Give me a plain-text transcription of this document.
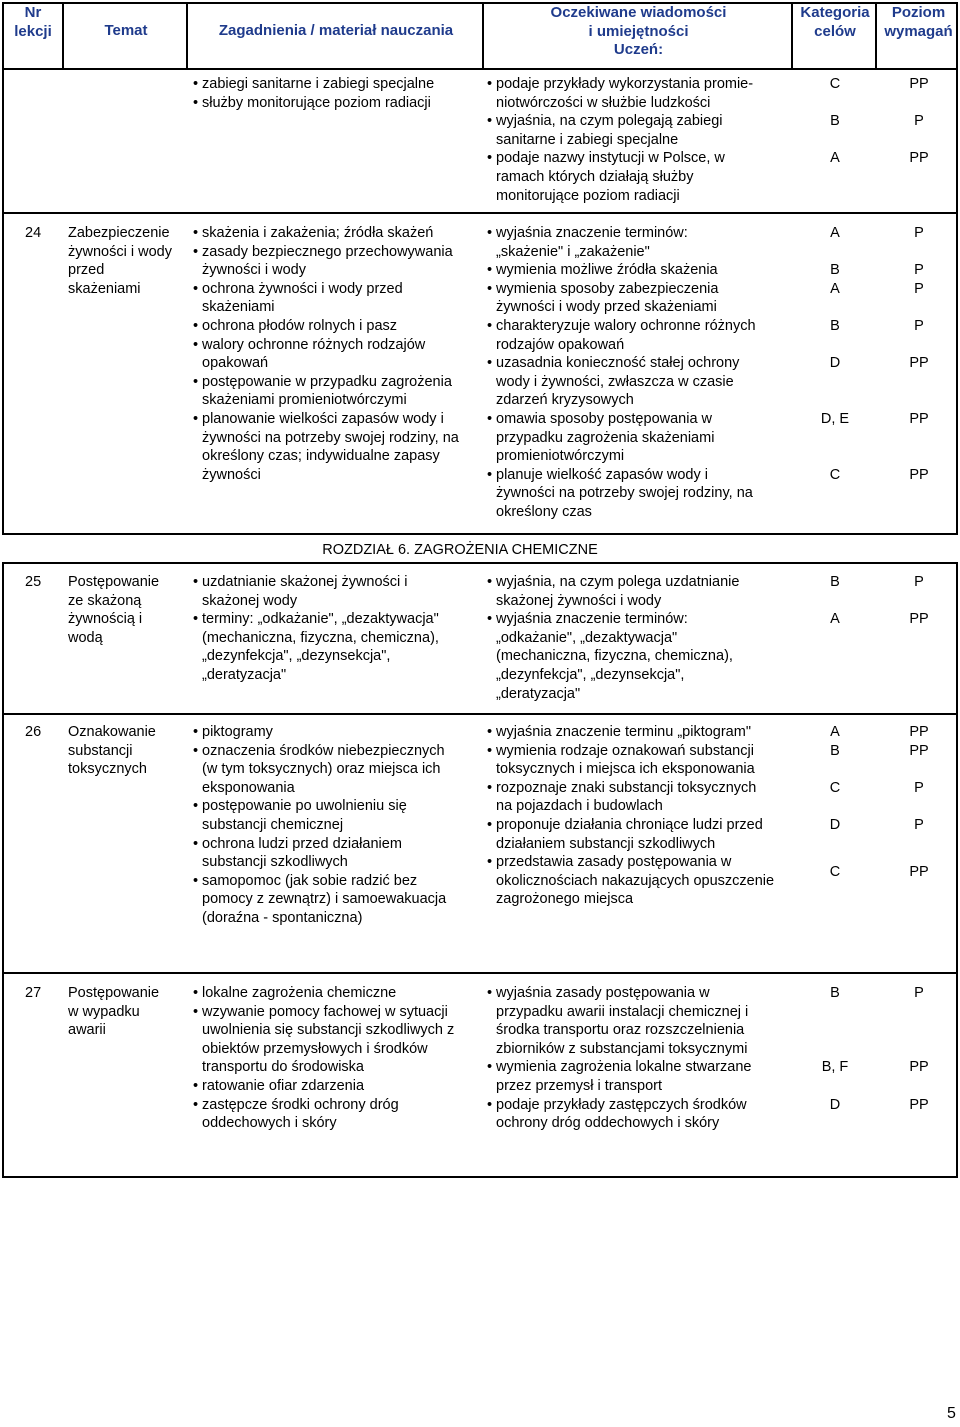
Nr
lekcji	Temat	Zagadnienia / materiał nauczania
Oczekiwane wiadomości
i umiejętności
Uczeń:
Kategoria
celów
Poziom
wymagań
• zabiegi sanitarne i zabiegi specjalne
• służby monitorujące poziom radiacji
• podaje przykłady wykorzystania promie-
niotwórczości w służbie ludzkości
• wyjaśnia, na czym polegają zabiegi
sanitarne i zabiegi specjalne
• podaje nazwy instytucji w Polsce, w
ramach których działają służby
monitorujące poziom radiacji
C
B
A
PP
P
PP
24 Zabezpieczenie
żywności i wody
przed
skażeniami
• skażenia i zakażenia; źródła skażeń
• zasady bezpiecznego przechowywania
żywności i wody
• ochrona żywności i wody przed
skażeniami
• ochrona płodów rolnych i pasz
• walory ochronne różnych rodzajów
opakowań
• postępowanie w przypadku zagrożenia
skażeniami promieniotwórczymi
• planowanie wielkości zapasów wody i
żywności na potrzeby swojej rodziny, na
określony czas; indywidualne zapasy
żywności
• wyjaśnia znaczenie terminów:
„skażenie" i „zakażenie"
• wymienia możliwe źródła skażenia
• wymienia sposoby zabezpieczenia
żywności i wody przed skażeniami
• charakteryzuje walory ochronne różnych
rodzajów opakowań
• uzasadnia konieczność stałej ochrony
wody i żywności, zwłaszcza w czasie
zdarzeń kryzysowych
• omawia sposoby postępowania w
przypadku zagrożenia skażeniami
promieniotwórczymi
• planuje wielkość zapasów wody i
żywności na potrzeby swojej rodziny, na
określony czas
A
B
A
B
D
D, E
C
P
P
P
P
PP
PP
PP
ROZDZIAŁ 6. ZAGROŻENIA CHEMICZNE
25 Postępowanie
ze skażoną
żywnością i
wodą
• uzdatnianie skażonej żywności i
skażonej wody
• terminy: „odkażanie", „dezaktywacja"
(mechaniczna, fizyczna, chemiczna),
„dezynfekcja", „dezynsekcja",
„deratyzacja"
• wyjaśnia, na czym polega uzdatnianie
skażonej żywności i wody
• wyjaśnia znaczenie terminów:
„odkażanie", „dezaktywacja"
(mechaniczna, fizyczna, chemiczna),
„dezynfekcja", „dezynsekcja",
„deratyzacja"
B
A
P
PP
26 Oznakowanie
substancji
toksycznych
• piktogramy
• oznaczenia środków niebezpiecznych
(w tym toksycznych) oraz miejsca ich
eksponowania
• postępowanie po uwolnieniu się
substancji chemicznej
• ochrona ludzi przed działaniem
substancji szkodliwych
• samopomoc (jak sobie radzić bez
pomocy z zewnątrz) i samoewakuacja
(doraźna - spontaniczna)
• wyjaśnia znaczenie terminu „piktogram"
• wymienia rodzaje oznakowań substancji
toksycznych i miejsca ich eksponowania
• rozpoznaje znaki substancji toksycznych
na pojazdach i budowlach
• proponuje działania chroniące ludzi przed
działaniem substancji szkodliwych
• przedstawia zasady postępowania w
okolicznościach nakazujących opuszczenie
zagrożonego miejsca
A
B
C
D
C
PP
PP
P
P
PP
27 Postępowanie
w wypadku
awarii
• lokalne zagrożenia chemiczne
• wzywanie pomocy fachowej w sytuacji
uwolnienia się substancji szkodliwych z
obiektów przemysłowych i środków
transportu do środowiska
• ratowanie ofiar zdarzenia
• zastępcze środki ochrony dróg
oddechowych i skóry
• wyjaśnia zasady postępowania w
przypadku awarii instalacji chemicznej i
środka transportu oraz rozszczelnienia
zbiorników z substancjami toksycznymi
• wymienia zagrożenia lokalne stwarzane
przez przemysł i transport
• podaje przykłady zastępczych środków
ochrony dróg oddechowych i skóry
B
B, F
D
P
PP
PP
5
